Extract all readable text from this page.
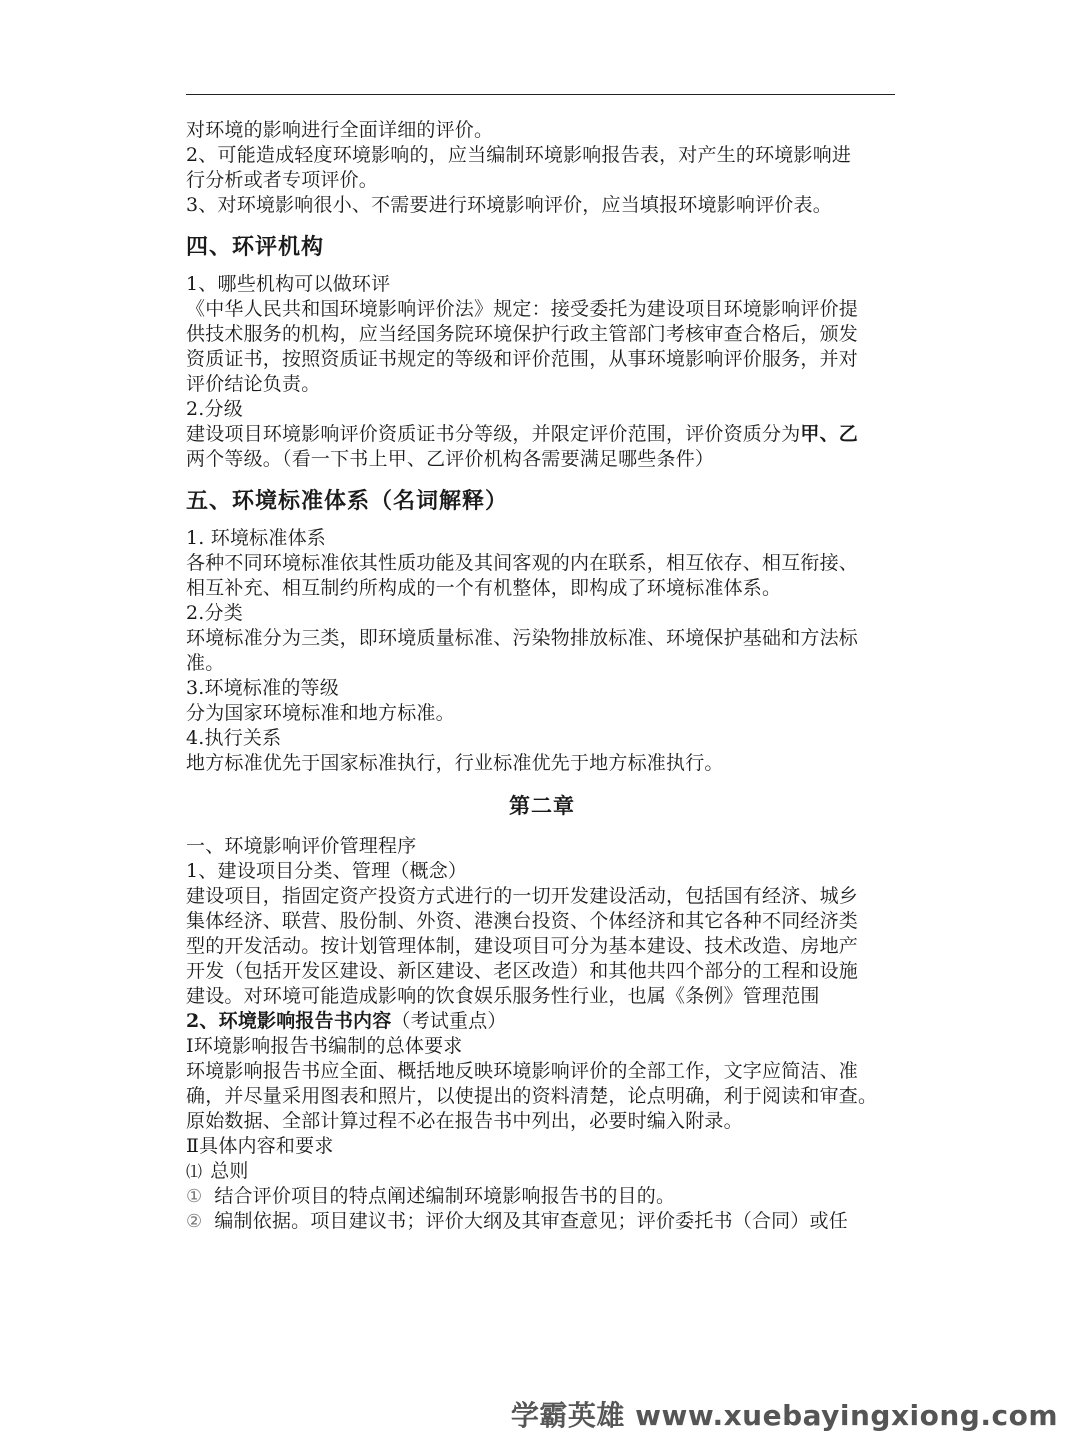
对环境的影响进行全面详细的评价。

2、可能造成轻度环境影响的，应当编制环境影响报告表，对产生的环境影响进

行分析或者专项评价。

3、对环境影响很小、不需要进行环境影响评价，应当填报环境影响评价表。

四、环评机构

1、哪些机构可以做环评

《中华人民共和国环境影响评价法》规定：接受委托为建设项目环境影响评价提

供技术服务的机构，应当经国务院环境保护行政主管部门考核审查合格后，颁发

资质证书，按照资质证书规定的等级和评价范围，从事环境影响评价服务，并对

评价结论负责。

2.分级

建设项目环境影响评价资质证书分等级，并限定评价范围，评价资质分为甲、乙

两个等级。（看一下书上甲、乙评价机构各需要满足哪些条件）

五、环境标准体系（名词解释）

1. 环境标准体系

各种不同环境标准依其性质功能及其间客观的内在联系，相互依存、相互衔接、

相互补充、相互制约所构成的一个有机整体，即构成了环境标准体系。

2.分类

环境标准分为三类，即环境质量标准、污染物排放标准、环境保护基础和方法标

准。

3.环境标准的等级

分为国家环境标准和地方标准。

4.执行关系

地方标准优先于国家标准执行，行业标准优先于地方标准执行。

第二章

一、环境影响评价管理程序

1、建设项目分类、管理（概念）

建设项目，指固定资产投资方式进行的一切开发建设活动，包括国有经济、城乡

集体经济、联营、股份制、外资、港澳台投资、个体经济和其它各种不同经济类

型的开发活动。按计划管理体制，建设项目可分为基本建设、技术改造、房地产

开发（包括开发区建设、新区建设、老区改造）和其他共四个部分的工程和设施

建设。对环境可能造成影响的饮食娱乐服务性行业，也属《条例》管理范围

2、环境影响报告书内容（考试重点）

Ⅰ环境影响报告书编制的总体要求

环境影响报告书应全面、概括地反映环境影响评价的全部工作，文字应简洁、准

确，并尽量采用图表和照片，以使提出的资料清楚，论点明确，利于阅读和审查。

原始数据、全部计算过程不必在报告书中列出，必要时编入附录。

Ⅱ具体内容和要求

⑴ 总则

① 结合评价项目的特点阐述编制环境影响报告书的目的。

② 编制依据。项目建议书；评价大纲及其审查意见；评价委托书（合同）或任

学霸英雄 www.xuebayingxiong.com
